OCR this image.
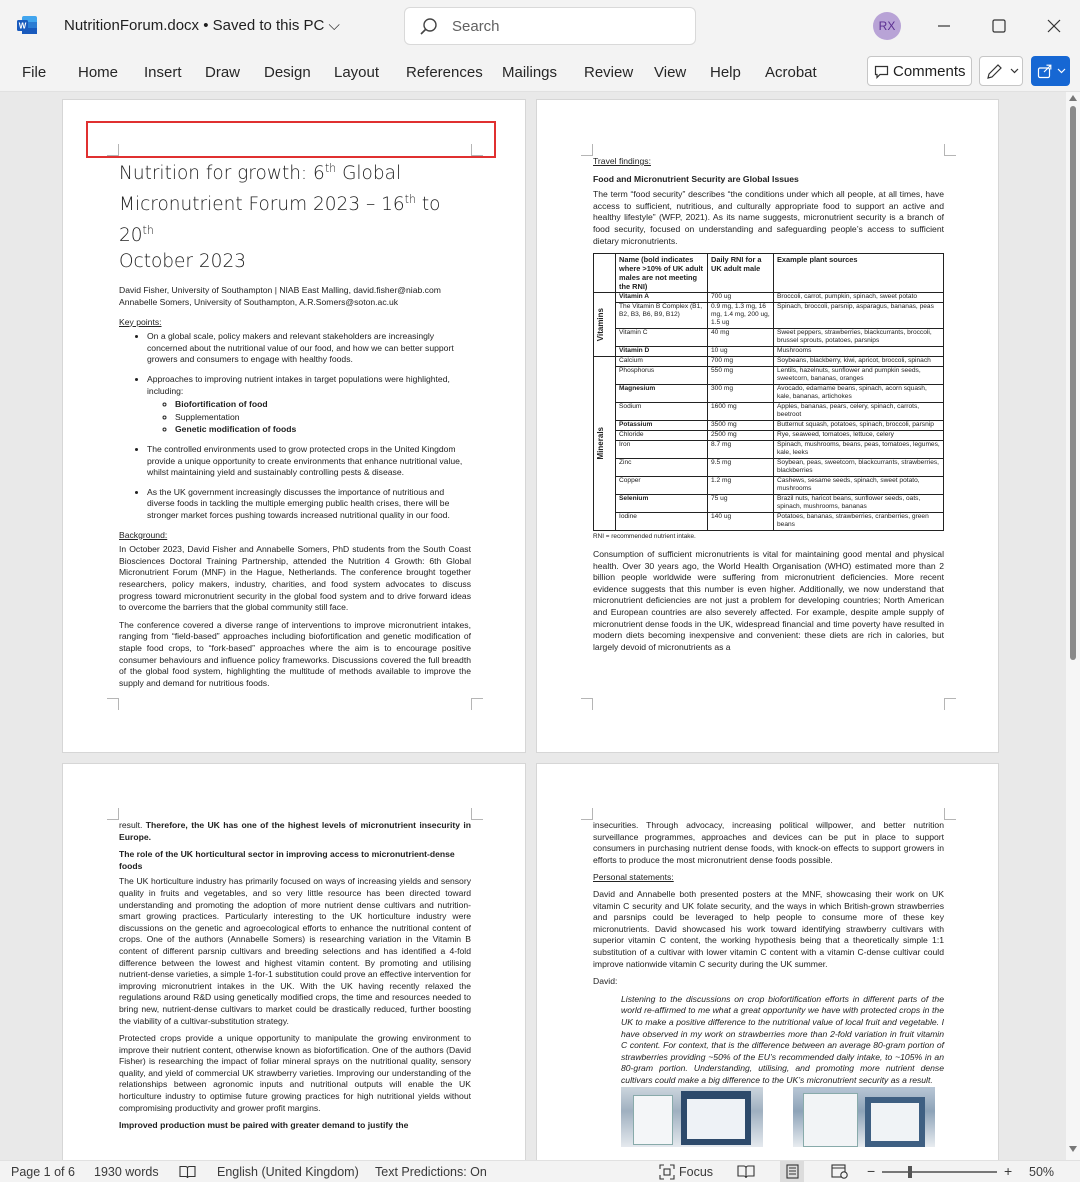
W	NutritionForum.docx • Saved to this PC ⌵	Search	RX
File Home Insert Draw Design Layout References Mailings Review View Help Acrobat	Comments
Nutrition for growth: 6th Global
Micronutrient Forum 2023 – 16th to 20th
October 2023
David Fisher, University of Southampton | NIAB East Malling, david.fisher@niab.com
Annabelle Somers, University of Southampton, A.R.Somers@soton.ac.uk
Key points:
• On a global scale, policy makers and relevant stakeholders are increasingly concerned about the nutritional value of our food, and how we can better support growers and consumers to engage with healthy foods.
• Approaches to improving nutrient intakes in target populations were highlighted, including:
◦ Biofortification of food
◦ Supplementation
◦ Genetic modification of foods
• The controlled environments used to grow protected crops in the United Kingdom provide a unique opportunity to create environments that enhance nutritional value, whilst maintaining yield and sustainably controlling pests & disease.
• As the UK government increasingly discusses the importance of nutritious and diverse foods in tackling the multiple emerging public health crises, there will be stronger market forces pushing towards increased nutritional quality in our food.
Background:

In October 2023, David Fisher and Annabelle Somers, PhD students from the South Coast Biosciences Doctoral Training Partnership, attended the Nutrition 4 Growth: 6th Global Micronutrient Forum (MNF) in the Hague, Netherlands. The conference brought together researchers, policy makers, industry, charities, and food system advocates to discuss progress toward micronutrient security in the global food system and to drive forward ideas to overcome the barriers that the global community still face.

The conference covered a diverse range of interventions to improve micronutrient intakes, ranging from “field-based” approaches including biofortification and genetic modification of staple food crops, to “fork-based” approaches where the aim is to encourage positive consumer behaviours and influence policy frameworks. Discussions covered the full breadth of the global food system, highlighting the multitude of methods available to improve the supply and demand for nutritious foods.

Travel findings:
Food and Micronutrient Security are Global Issues

The term “food security” describes “the conditions under which all people, at all times, have access to sufficient, nutritious, and culturally appropriate food to support an active and healthy lifestyle” (WFP, 2021). As its name suggests, micronutrient security is a branch of food security, focused on understanding and safeguarding people’s access to sufficient dietary micronutrients.

	Name (bold indicates where >10% of UK adult males are not meeting the RNI)	Daily RNI for a UK adult male	Example plant sources

Vitamins	Vitamin A	700 ug	Broccoli, carrot, pumpkin, spinach, sweet potato
	The Vitamin B Complex (B1, B2, B3, B6, B9, B12)	0.9 mg, 1.3 mg, 16 mg, 1.4 mg, 200 ug, 1.5 ug	Spinach, broccoli, parsnip, asparagus, bananas, peas
	Vitamin C	40 mg	Sweet peppers, strawberries, blackcurrants, broccoli, brussel sprouts, potatoes, parsnips
	Vitamin D	10 ug	Mushrooms

Minerals	Calcium	700 mg	Soybeans, blackberry, kiwi, apricot, broccoli, spinach
	Phosphorus	550 mg	Lentils, hazelnuts, sunflower and pumpkin seeds, sweetcorn, bananas, oranges
	Magnesium	300 mg	Avocado, edamame beans, spinach, acorn squash, kale, bananas, artichokes
	Sodium	1600 mg	Apples, bananas, pears, celery, spinach, carrots, beetroot
	Potassium	3500 mg	Butternut squash, potatoes, spinach, broccoli, parsnip
	Chloride	2500 mg	Rye, seaweed, tomatoes, lettuce, celery
	Iron	8.7 mg	Spinach, mushrooms, beans, peas, tomatoes, legumes, kale, leeks
	Zinc	9.5 mg	Soybean, peas, sweetcorn, blackcurrants, strawberries, blackberries
	Copper	1.2 mg	Cashews, sesame seeds, spinach, sweet potato, mushrooms
	Selenium	75 ug	Brazil nuts, haricot beans, sunflower seeds, oats, spinach, mushrooms, bananas
	Iodine	140 ug	Potatoes, bananas, strawberries, cranberries, green beans
RNI = recommended nutrient intake.

Consumption of sufficient micronutrients is vital for maintaining good mental and physical health. Over 30 years ago, the World Health Organisation (WHO) estimated more than 2 billion people worldwide were suffering from micronutrient deficiencies. More recent evidence suggests that this number is even higher. Additionally, we now understand that micronutrient deficiencies are not just a problem for developing countries; North American and European countries are also severely affected. For example, despite ample supply of micronutrient dense foods in the UK, widespread financial and time poverty have resulted in modern diets becoming inexpensive and convenient: these diets are rich in calories, but largely devoid of micronutrients as a

result. Therefore, the UK has one of the highest levels of micronutrient insecurity in Europe.

The role of the UK horticultural sector in improving access to micronutrient-dense foods

The UK horticulture industry has primarily focused on ways of increasing yields and sensory quality in fruits and vegetables, and so very little resource has been directed toward understanding and promoting the adoption of more nutrient dense cultivars and nutrition-smart growing practices. Particularly interesting to the UK horticulture industry were discussions on the genetic and agroecological efforts to enhance the nutritional content of crops. One of the authors (Annabelle Somers) is researching variation in the Vitamin B content of different parsnip cultivars and breeding selections and has identified a 4-fold difference between the lowest and highest vitamin content. By promoting and utilising nutrient-dense varieties, a simple 1-for-1 substitution could prove an effective intervention for improving micronutrient intakes in the UK. With the UK having recently relaxed the regulations around R&D using genetically modified crops, the time and resources needed to bring new, nutrient-dense cultivars to market could be drastically reduced, further boosting the viability of a cultivar-substitution strategy.

Protected crops provide a unique opportunity to manipulate the growing environment to improve their nutrient content, otherwise known as biofortification. One of the authors (David Fisher) is researching the impact of foliar mineral sprays on the nutritional quality, sensory quality, and yield of commercial UK strawberry varieties. Improving our understanding of the relationships between agronomic inputs and nutritional outputs will enable the UK horticulture industry to optimise future growing practices for high nutritional yields without compromising productivity and grower profit margins.

Improved production must be paired with greater demand to justify the

insecurities. Through advocacy, increasing political willpower, and better nutrition surveillance programmes, approaches and devices can be put in place to support consumers in purchasing nutrient dense foods, with knock-on effects to support growers in efforts to produce the most micronutrient dense foods possible.

Personal statements:

David and Annabelle both presented posters at the MNF, showcasing their work on UK vitamin C security and UK folate security, and the ways in which British-grown strawberries and parsnips could be leveraged to help people to consume more of these key micronutrients. David showcased his work toward identifying strawberry cultivars with superior vitamin C content, the working hypothesis being that a theoretically simple 1:1 substitution of a cultivar with lower vitamin C content with a vitamin C-dense cultivar could improve nationwide vitamin C security during the UK summer.

David:

Listening to the discussions on crop biofortification efforts in different parts of the world re-affirmed to me what a great opportunity we have with protected crops in the UK to make a positive difference to the nutritional value of local fruit and vegetable. I have observed in my work on strawberries more than 2-fold variation in fruit vitamin C content. For context, that is the difference between an average 80-gram portion of strawberries providing ~50% of the EU’s recommended daily intake, to ~105% in an 80-gram portion. Understanding, utilising, and promoting more nutrient dense cultivars could make a big difference to the UK’s micronutrient security as a result.

Page 1 of 6 1930 words	English (United Kingdom) Text Predictions: On	Focus	−	+ 50%
